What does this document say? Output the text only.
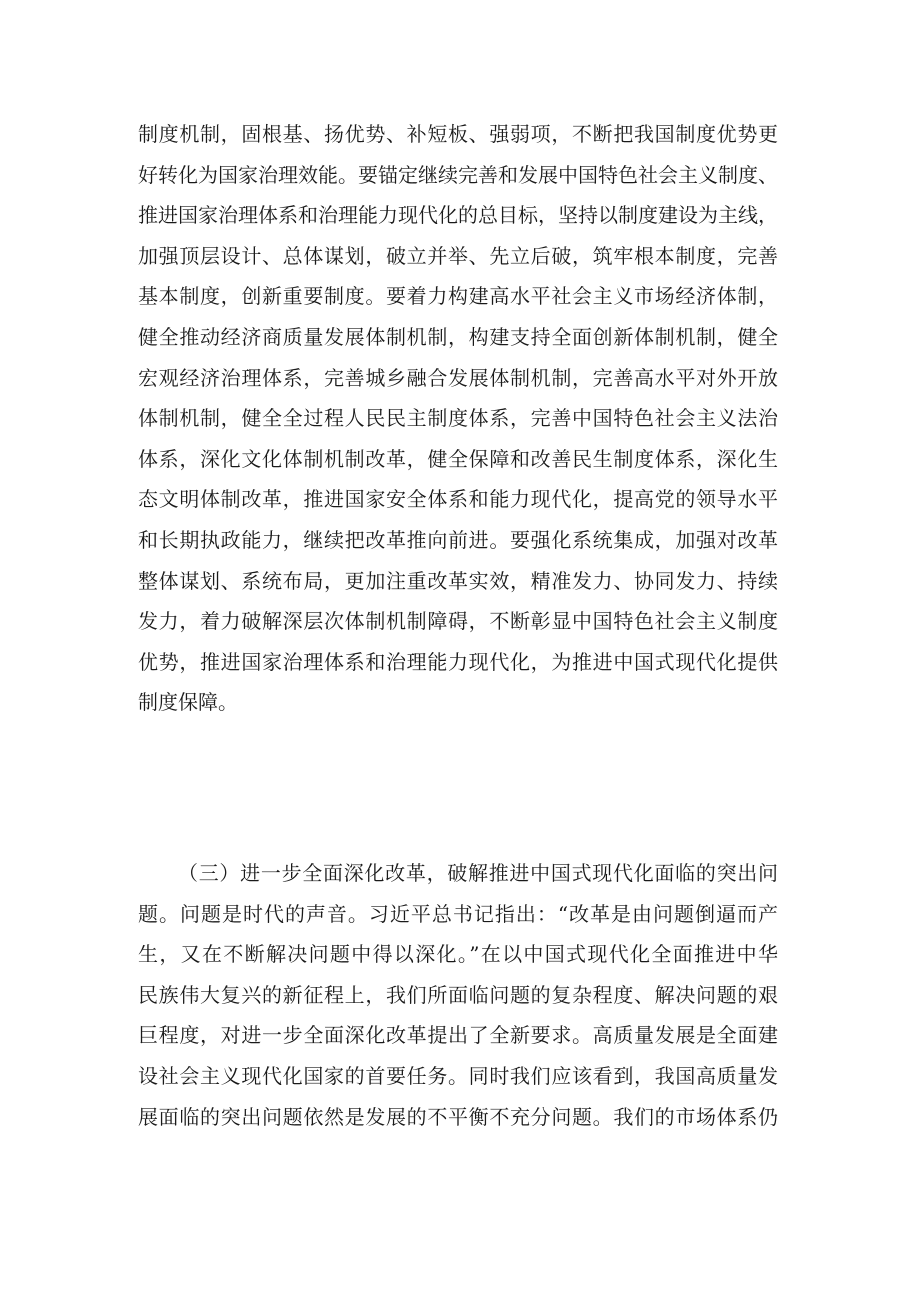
制度机制，固根基、扬优势、补短板、强弱项，不断把我国制度优势更
好转化为国家治理效能。要锚定继续完善和发展中国特色社会主义制度、
推进国家治理体系和治理能力现代化的总目标，坚持以制度建设为主线，
加强顶层设计、总体谋划，破立并举、先立后破，筑牢根本制度，完善
基本制度，创新重要制度。要着力构建高水平社会主义市场经济体制，
健全推动经济商质量发展体制机制，构建支持全面创新体制机制，健全
宏观经济治理体系，完善城乡融合发展体制机制，完善高水平对外开放
体制机制，健全全过程人民民主制度体系，完善中国特色社会主义法治
体系，深化文化体制机制改革，健全保障和改善民生制度体系，深化生
态文明体制改革，推进国家安全体系和能力现代化，提高党的领导水平
和长期执政能力，继续把改革推向前进。要强化系统集成，加强对改革
整体谋划、系统布局，更加注重改革实效，精准发力、协同发力、持续
发力，着力破解深层次体制机制障碍，不断彰显中国特色社会主义制度
优势，推进国家治理体系和治理能力现代化，为推进中国式现代化提供
制度保障。
（三）进一步全面深化改革，破解推进中国式现代化面临的突出问
题。问题是时代的声音。习近平总书记指出：“改革是由问题倒逼而产
生，又在不断解决问题中得以深化。”在以中国式现代化全面推进中华
民族伟大复兴的新征程上，我们所面临问题的复杂程度、解决问题的艰
巨程度，对进一步全面深化改革提出了全新要求。高质量发展是全面建
设社会主义现代化国家的首要任务。同时我们应该看到，我国高质量发
展面临的突出问题依然是发展的不平衡不充分问题。我们的市场体系仍
